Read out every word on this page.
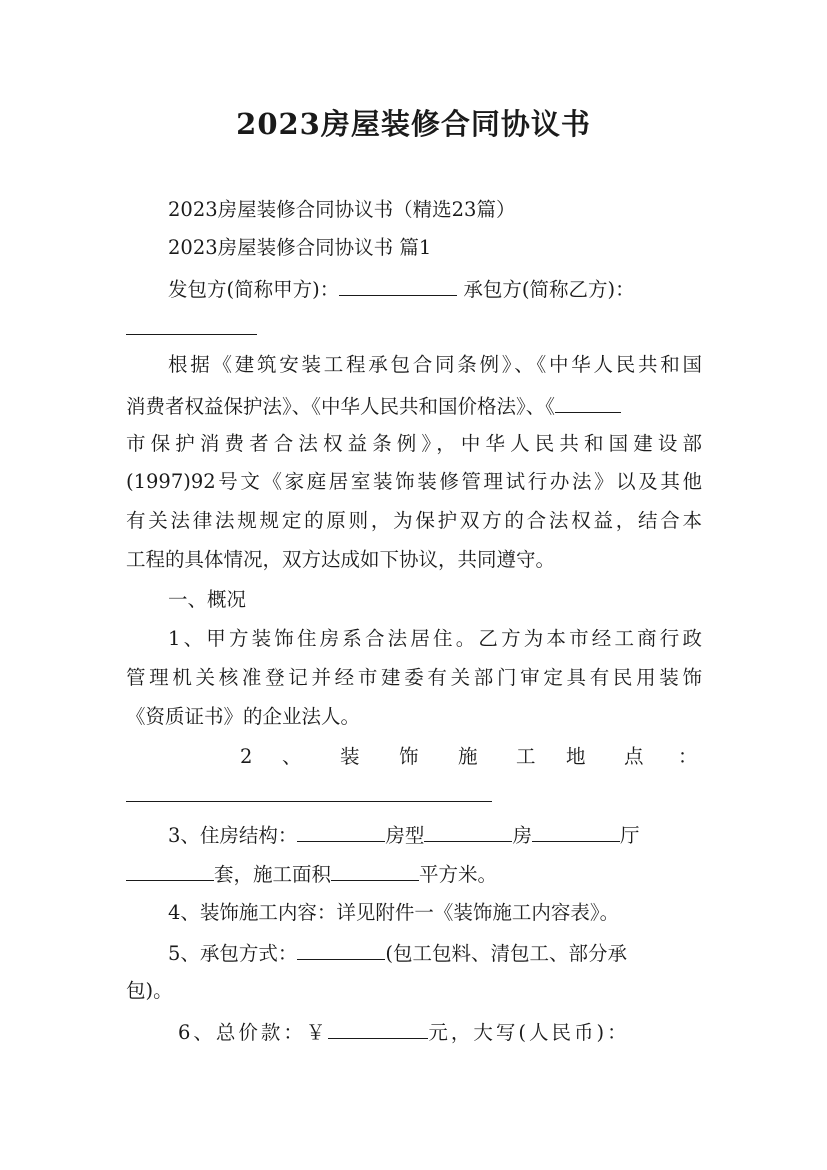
2023房屋装修合同协议书
2023房屋装修合同协议书（精选23篇）
2023房屋装修合同协议书 篇1
发包方(简称甲方)：	承包方(简称乙方)：
根据《建筑安装工程承包合同条例》、《中华人民共和国
消费者权益保护法》、《中华人民共和国价格法》、《
市保护消费者合法权益条例》，中华人民共和国建设部
(1997)92号文《家庭居室装饰装修管理试行办法》以及其他
有关法律法规规定的原则，为保护双方的合法权益，结合本
工程的具体情况，双方达成如下协议，共同遵守。
一、概况
1、甲方装饰住房系合法居住。乙方为本市经工商行政
管理机关核准登记并经市建委有关部门审定具有民用装饰
《资质证书》的企业法人。
2 、 装 饰 施 工 地 点 ：
3、住房结构：	房型	房	厅
套，施工面积	平方米。
4、装饰施工内容：详见附件一《装饰施工内容表》。
5、承包方式：	(包工包料、清包工、部分承
包)。
6、总价款：￥	元，大写(人民币)：
